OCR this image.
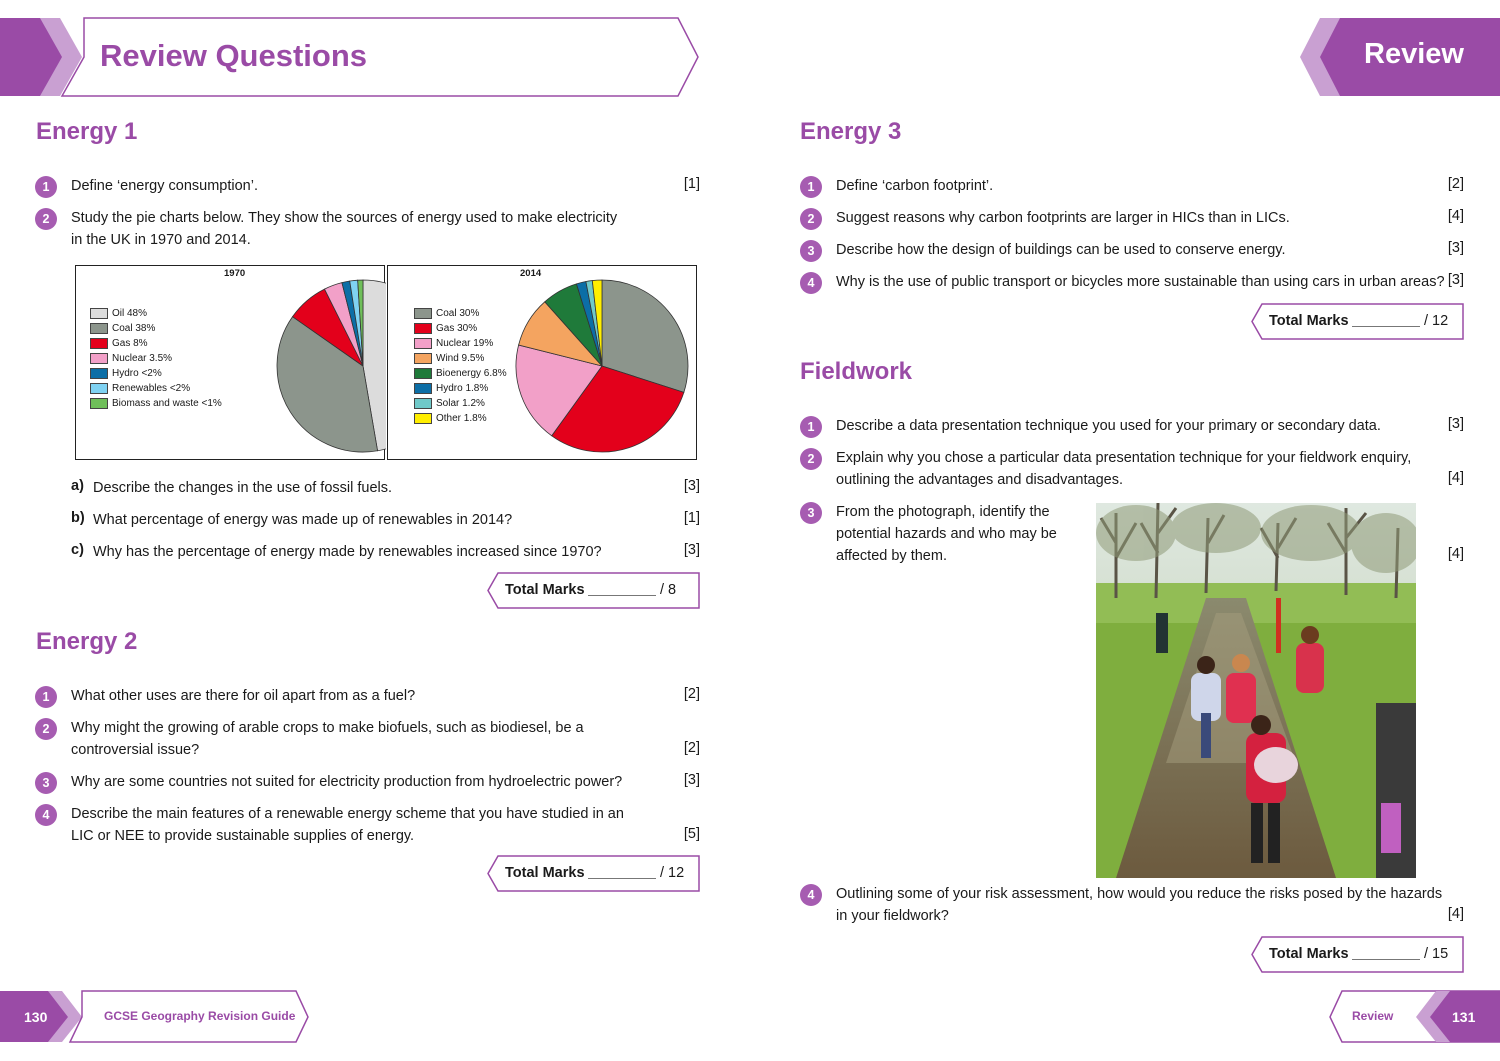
Review Questions	Review
Energy 1
1	Define ‘energy consumption’.	[1]
2	Study the pie charts below. They show the sources of energy used to make electricity
in the UK in 1970 and 2014.
1970
Oil 48%
Coal 38%
Gas 8%
Nuclear 3.5%
Hydro <2%
Renewables <2%
Biomass and waste <1%
2014
Coal 30%
Gas 30%
Nuclear 19%
Wind 9.5%
Bioenergy 6.8%
Hydro 1.8%
Solar 1.2%
Other 1.8%
a) Describe the changes in the use of fossil fuels.	[3]
b) What percentage of energy was made up of renewables in 2014?	[1]
c) Why has the percentage of energy made by renewables increased since 1970?	[3]
Total Marks	/ 8
Energy 2
1	What other uses are there for oil apart from as a fuel?	[2]
2	Why might the growing of arable crops to make biofuels, such as biodiesel, be a
controversial issue?	[2]
3	Why are some countries not suited for electricity production from hydroelectric power?	[3]
4	Describe the main features of a renewable energy scheme that you have studied in an
LIC or NEE to provide sustainable supplies of energy.	[5]
Total Marks	/ 12
Energy 3
1	Define ‘carbon footprint’.	[2]
2	Suggest reasons why carbon footprints are larger in HICs than in LICs.	[4]
3	Describe how the design of buildings can be used to conserve energy.	[3]
4	Why is the use of public transport or bicycles more sustainable than using cars in urban areas? [3]
Total Marks	/ 12
Fieldwork
1	Describe a data presentation technique you used for your primary or secondary data.	[3]
2	Explain why you chose a particular data presentation technique for your fieldwork enquiry,
outlining the advantages and disadvantages.	[4]
3	From the photograph, identify the
potential hazards and who may be
affected by them.	[4]
4	Outlining some of your risk assessment, how would you reduce the risks posed by the hazards
in your fieldwork?	[4]
Total Marks	/ 15
130	GCSE Geography Revision Guide	Review	131
